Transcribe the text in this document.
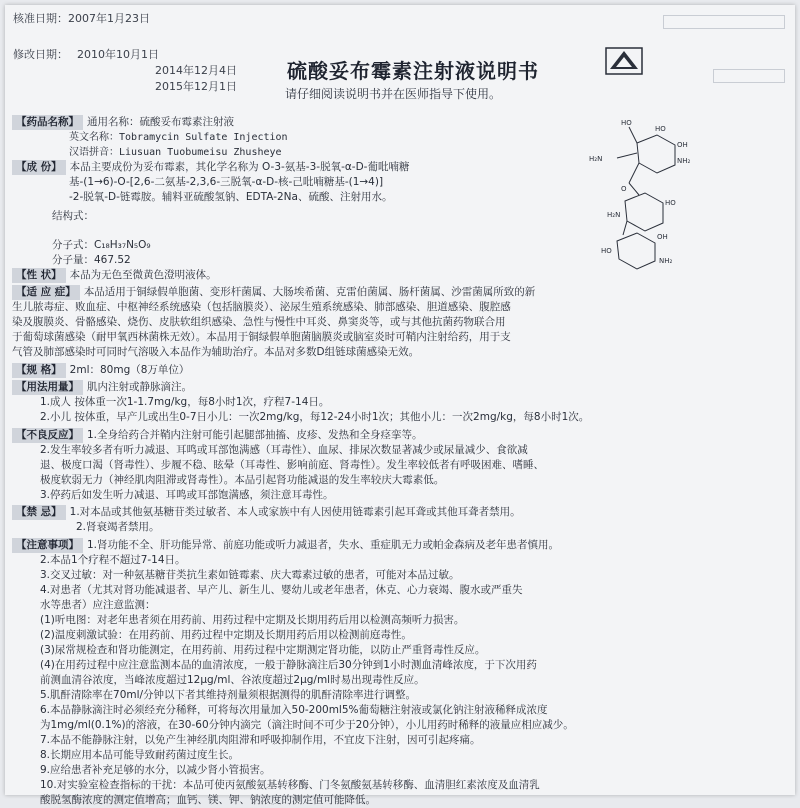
核准日期：2007年1月23日
修改日期： 2010年10月1日
2014年12月4日
2015年12月1日
硫酸妥布霉素注射液说明书
请仔细阅读说明书并在医师指导下使用。
【药品名称】 通用名称：硫酸妥布霉素注射液
英文名称：Tobramycin Sulfate Injection
汉语拼音：Liusuan Tuobumeisu Zhusheye
【成 份】 本品主要成份为妥布霉素，其化学名称为 O-3-氨基-3-脱氧-α-D-葡吡喃糖
基-(1→6)-O-[2,6-二氨基-2,3,6-三脱氧-α-D-核-己吡喃糖基-(1→4)]
-2-脱氧-D-链霉胺。辅料亚硫酸氢钠、EDTA-2Na、硫酸、注射用水。
结构式：
分子式：C₁₈H₃₇N₅O₉
分子量：467.52
HO
H₂N	NH₂
HO
OH
O
HO
H₂N
OH
HO
NH₂
【性 状】 本品为无色至微黄色澄明液体。
【适 应 症】 本品适用于铜绿假单胞菌、变形杆菌属、大肠埃希菌、克雷伯菌属、肠杆菌属、沙雷菌属所致的新
生儿脓毒症、败血症、中枢神经系统感染（包括脑膜炎）、泌尿生殖系统感染、肺部感染、胆道感染、腹腔感
染及腹膜炎、骨骼感染、烧伤、皮肤软组织感染、急性与慢性中耳炎、鼻窦炎等，或与其他抗菌药物联合用
于葡萄球菌感染（耐甲氧西林菌株无效）。本品用于铜绿假单胞菌脑膜炎或脑室炎时可鞘内注射给药，用于支
气管及肺部感染时可同时气溶吸入本品作为辅助治疗。本品对多数D组链球菌感染无效。
【规 格】 2ml：80mg（8万单位）
【用法用量】 肌内注射或静脉滴注。
1.成人 按体重一次1-1.7mg/kg，每8小时1次，疗程7-14日。
2.小儿 按体重，早产儿或出生0-7日小儿：一次2mg/kg，每12-24小时1次；其他小儿：一次2mg/kg，每8小时1次。
【不良反应】 1.全身给药合并鞘内注射可能引起腿部抽搐、皮疹、发热和全身痉挛等。
2.发生率较多者有听力减退、耳鸣或耳部饱满感（耳毒性）、血尿、排尿次数显著减少或尿量减少、食欲减
退、极度口渴（肾毒性）、步履不稳、眩晕（耳毒性、影响前庭、肾毒性）。发生率较低者有呼吸困难、嗜睡、
极度软弱无力（神经肌肉阻滞或肾毒性）。本品引起肾功能减退的发生率较庆大霉素低。
3.停药后如发生听力减退、耳鸣或耳部饱满感，须注意耳毒性。
【禁 忌】 1.对本品或其他氨基糖苷类过敏者、本人或家族中有人因使用链霉素引起耳聋或其他耳聋者禁用。
2.肾衰竭者禁用。
【注意事项】 1.肾功能不全、肝功能异常、前庭功能或听力减退者，失水、重症肌无力或帕金森病及老年患者慎用。
2.本品1个疗程不超过7-14日。
3.交叉过敏：对一种氨基糖苷类抗生素如链霉素、庆大霉素过敏的患者，可能对本品过敏。
4.对患者（尤其对肾功能减退者、早产儿、新生儿、婴幼儿或老年患者，休克、心力衰竭、腹水或严重失
水等患者）应注意监测：
(1)听电图：对老年患者须在用药前、用药过程中定期及长期用药后用以检测高频听力损害。
(2)温度刺激试验：在用药前、用药过程中定期及长期用药后用以检测前庭毒性。
(3)尿常规检查和肾功能测定，在用药前、用药过程中定期测定肾功能，以防止严重肾毒性反应。
(4)在用药过程中应注意监测本品的血清浓度，一般于静脉滴注后30分钟到1小时测血清峰浓度，于下次用药
前测血清谷浓度，当峰浓度超过12μg/ml、谷浓度超过2μg/ml时易出现毒性反应。
5.肌酐清除率在70ml/分钟以下者其维持剂量须根据测得的肌酐清除率进行调整。
6.本品静脉滴注时必须经充分稀释，可将每次用量加入50-200ml5%葡萄糖注射液或氯化钠注射液稀释成浓度
为1mg/ml(0.1%)的溶液，在30-60分钟内滴完（滴注时间不可少于20分钟），小儿用药时稀释的液量应相应减少。
7.本品不能静脉注射，以免产生神经肌肉阻滞和呼吸抑制作用，不宜皮下注射，因可引起疼痛。
8.长期应用本品可能导致耐药菌过度生长。
9.应给患者补充足够的水分，以减少肾小管损害。
10.对实验室检查指标的干扰：本品可使丙氨酸氨基转移酶、门冬氨酸氨基转移酶、血清胆红素浓度及血清乳
酸脱氢酶浓度的测定值增高；血钙、镁、钾、钠浓度的测定值可能降低。
